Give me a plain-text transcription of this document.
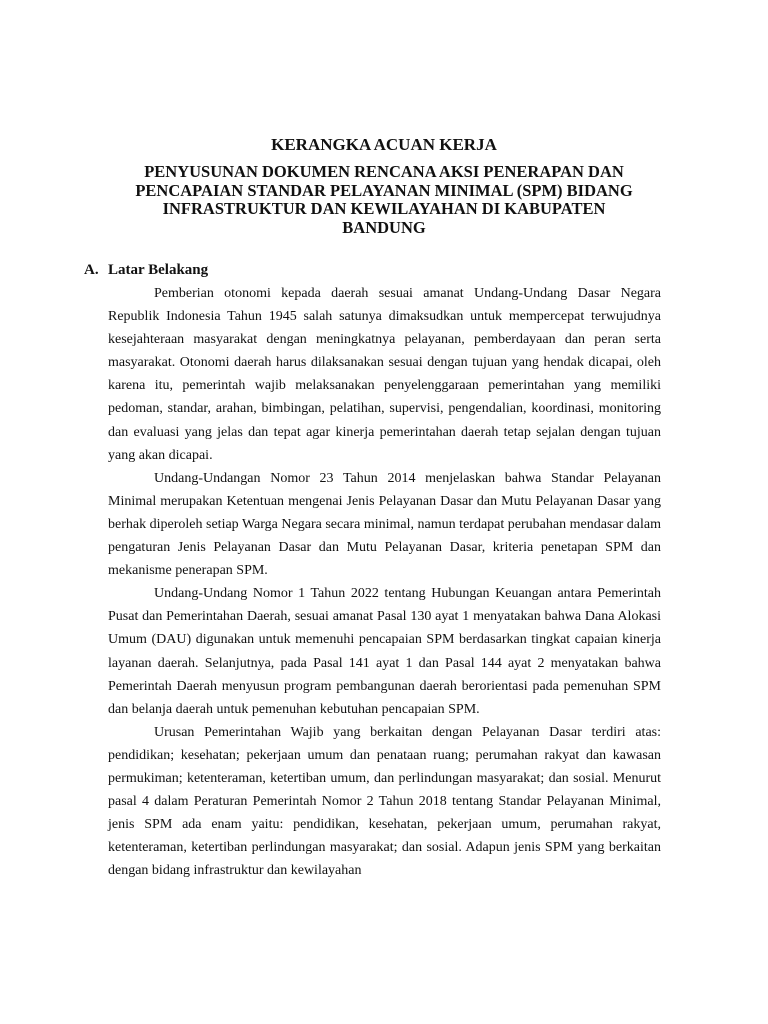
KERANGKA ACUAN KERJA
PENYUSUNAN DOKUMEN RENCANA AKSI PENERAPAN DAN
PENCAPAIAN STANDAR PELAYANAN MINIMAL (SPM) BIDANG
INFRASTRUKTUR DAN KEWILAYAHAN DI KABUPATEN
BANDUNG
A. Latar Belakang

Pemberian otonomi kepada daerah sesuai amanat Undang-Undang Dasar Negara Republik Indonesia Tahun 1945 salah satunya dimaksudkan untuk mempercepat terwujudnya kesejahteraan masyarakat dengan meningkatnya pelayanan, pemberdayaan dan peran serta masyarakat. Otonomi daerah harus dilaksanakan sesuai dengan tujuan yang hendak dicapai, oleh karena itu, pemerintah wajib melaksanakan penyelenggaraan pemerintahan yang memiliki pedoman, standar, arahan, bimbingan, pelatihan, supervisi, pengendalian, koordinasi, monitoring dan evaluasi yang jelas dan tepat agar kinerja pemerintahan daerah tetap sejalan dengan tujuan yang akan dicapai.

Undang-Undangan Nomor 23 Tahun 2014 menjelaskan bahwa Standar Pelayanan Minimal merupakan Ketentuan mengenai Jenis Pelayanan Dasar dan Mutu Pelayanan Dasar yang berhak diperoleh setiap Warga Negara secara minimal, namun terdapat perubahan mendasar dalam pengaturan Jenis Pelayanan Dasar dan Mutu Pelayanan Dasar, kriteria penetapan SPM dan mekanisme penerapan SPM.

Undang-Undang Nomor 1 Tahun 2022 tentang Hubungan Keuangan antara Pemerintah Pusat dan Pemerintahan Daerah, sesuai amanat Pasal 130 ayat 1 menyatakan bahwa Dana Alokasi Umum (DAU) digunakan untuk memenuhi pencapaian SPM berdasarkan tingkat capaian kinerja layanan daerah. Selanjutnya, pada Pasal 141 ayat 1 dan Pasal 144 ayat 2 menyatakan bahwa Pemerintah Daerah menyusun program pembangunan daerah berorientasi pada pemenuhan SPM dan belanja daerah untuk pemenuhan kebutuhan pencapaian SPM.

Urusan Pemerintahan Wajib yang berkaitan dengan Pelayanan Dasar terdiri atas: pendidikan; kesehatan; pekerjaan umum dan penataan ruang; perumahan rakyat dan kawasan permukiman; ketenteraman, ketertiban umum, dan perlindungan masyarakat; dan sosial. Menurut pasal 4 dalam Peraturan Pemerintah Nomor 2 Tahun 2018 tentang Standar Pelayanan Minimal, jenis SPM ada enam yaitu: pendidikan, kesehatan, pekerjaan umum, perumahan rakyat, ketenteraman, ketertiban perlindungan masyarakat; dan sosial. Adapun jenis SPM yang berkaitan dengan bidang infrastruktur dan kewilayahan
